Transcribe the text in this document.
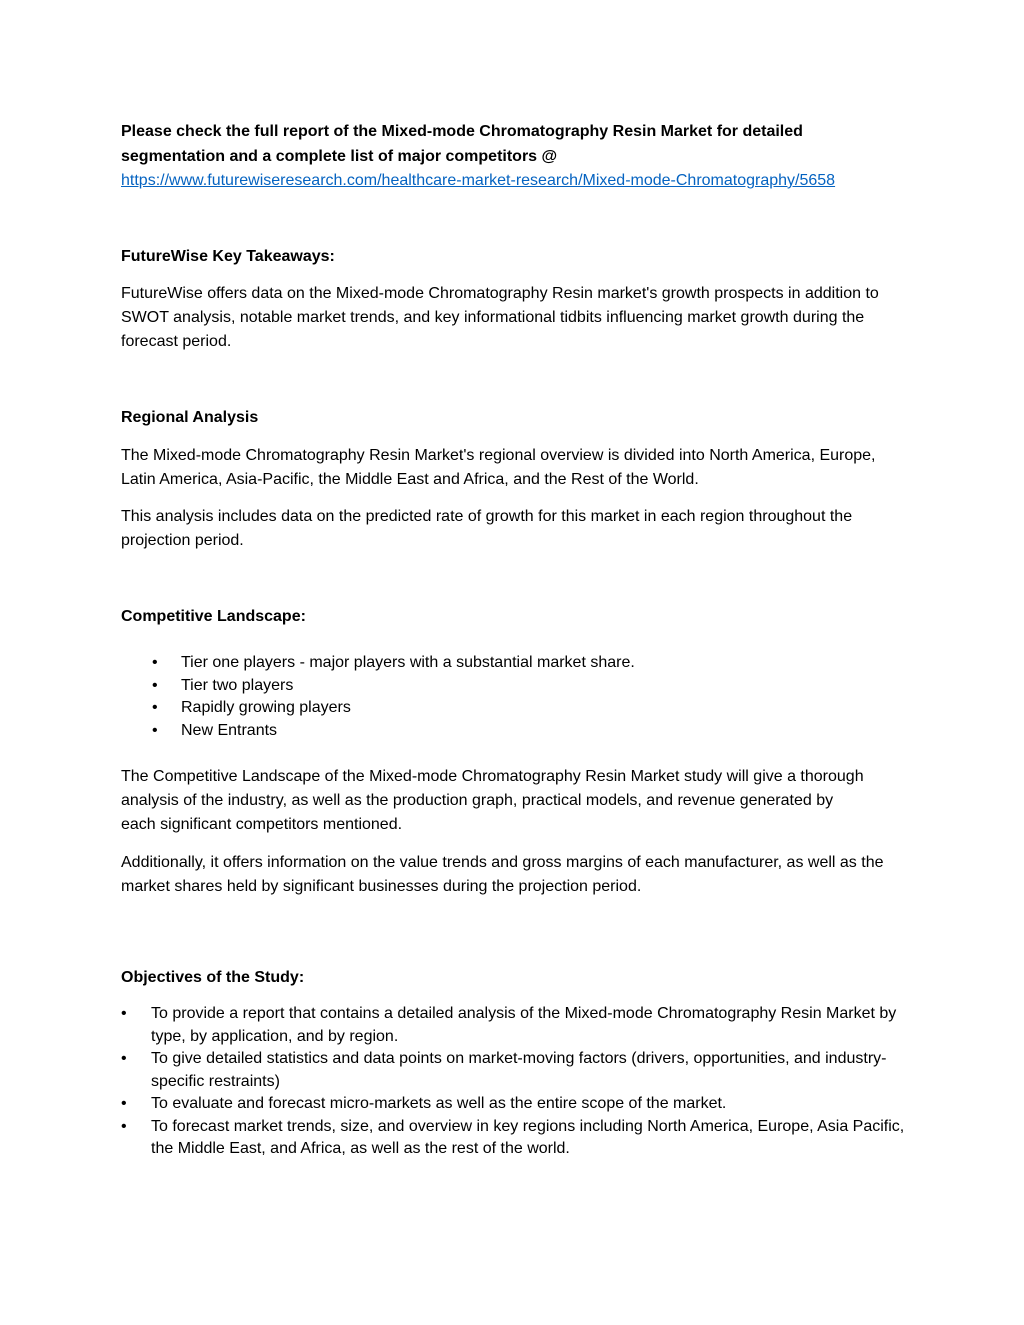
Please check the full report of the Mixed-mode Chromatography Resin Market for detailed segmentation and a complete list of major competitors @

https://www.futurewiseresearch.com/healthcare-market-research/Mixed-mode-Chromatography/5658

FutureWise Key Takeaways:

FutureWise offers data on the Mixed-mode Chromatography Resin market's growth prospects in addition to SWOT analysis, notable market trends, and key informational tidbits influencing market growth during the forecast period.

Regional Analysis

The Mixed-mode Chromatography Resin Market's regional overview is divided into North America, Europe, Latin America, Asia-Pacific, the Middle East and Africa, and the Rest of the World.

This analysis includes data on the predicted rate of growth for this market in each region throughout the projection period.

Competitive Landscape:

• Tier one players - major players with a substantial market share.
• Tier two players
• Rapidly growing players
• New Entrants

The Competitive Landscape of the Mixed-mode Chromatography Resin Market study will give a thorough analysis of the industry, as well as the production graph, practical models, and revenue generated by each significant competitors mentioned.

Additionally, it offers information on the value trends and gross margins of each manufacturer, as well as the market shares held by significant businesses during the projection period.

Objectives of the Study:

• To provide a report that contains a detailed analysis of the Mixed-mode Chromatography Resin Market by type, by application, and by region.
• To give detailed statistics and data points on market-moving factors (drivers, opportunities, and industry-specific restraints)
• To evaluate and forecast micro-markets as well as the entire scope of the market.
• To forecast market trends, size, and overview in key regions including North America, Europe, Asia Pacific, the Middle East, and Africa, as well as the rest of the world.
